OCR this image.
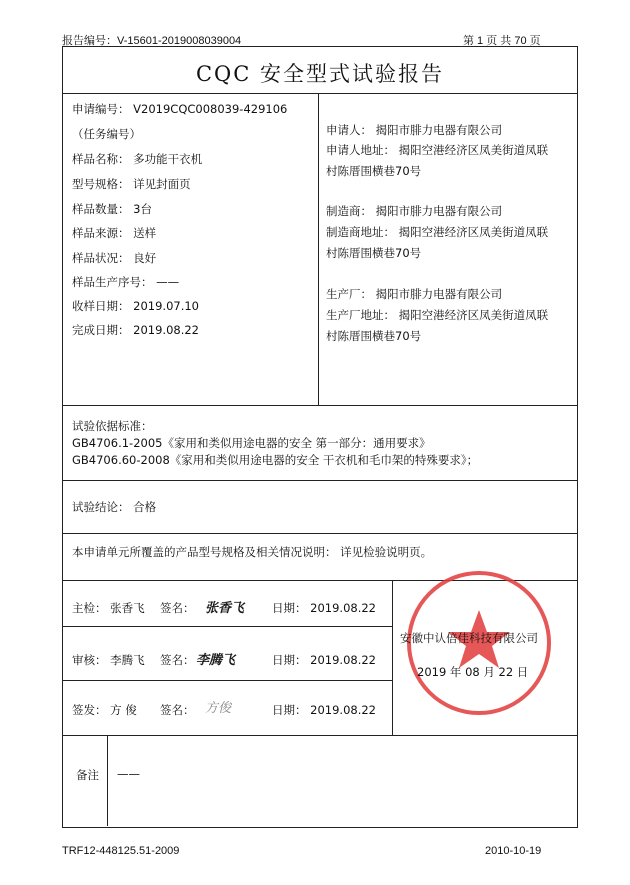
报告编号：V-15601-2019008039004	第 1 页 共 70 页
CQC 安全型式试验报告
申请编号： V2019CQC008039-429106
（任务编号）
样品名称： 多功能干衣机
型号规格： 详见封面页
样品数量： 3台
样品来源： 送样
样品状况： 良好
样品生产序号： ——
收样日期： 2019.07.10
完成日期： 2019.08.22
申请人： 揭阳市腓力电器有限公司
申请人地址： 揭阳空港经济区凤美街道凤联
村陈厝围横巷70号
制造商： 揭阳市腓力电器有限公司
制造商地址： 揭阳空港经济区凤美街道凤联
村陈厝围横巷70号
生产厂： 揭阳市腓力电器有限公司
生产厂地址： 揭阳空港经济区凤美街道凤联
村陈厝围横巷70号
试验依据标准：
GB4706.1-2005《家用和类似用途电器的安全 第一部分：通用要求》
GB4706.60-2008《家用和类似用途电器的安全 干衣机和毛巾架的特殊要求》；
试验结论： 合格
本申请单元所覆盖的产品型号规格及相关情况说明： 详见检验说明页。
主检： 张香飞 签名： 张香飞 日期： 2019.08.22
审核： 李腾飞 签名： 李腾飞	日期： 2019.08.22
签发： 方 俊 签名： 方俊	日期： 2019.08.22
安徽中认倍佳科技有限公司
2019 年 08 月 22 日
备注 ——
TRF12-448125.51-2009	2010-10-19
